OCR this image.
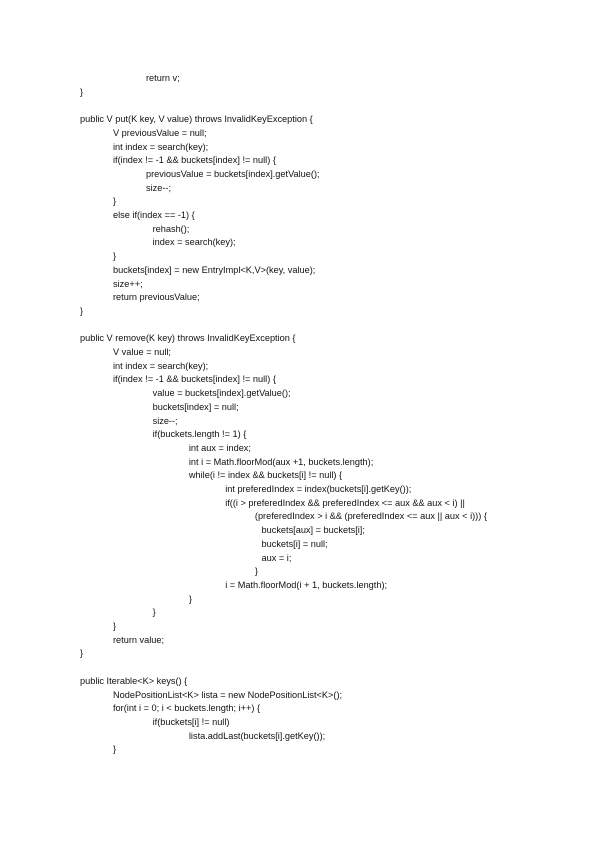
return v;
}
public V put(K key, V value) throws InvalidKeyException {
V previousValue = null;
int index = search(key);
if(index != -1 && buckets[index] != null) {
previousValue = buckets[index].getValue();
size--;
}
else if(index == -1) {
rehash();
index = search(key);
}
buckets[index] = new EntryImpl<K,V>(key, value);
size++;
return previousValue;
}
public V remove(K key) throws InvalidKeyException {
V value = null;
int index = search(key);
if(index != -1 && buckets[index] != null) {
value = buckets[index].getValue();
buckets[index] = null;
size--;
if(buckets.length != 1) {
int aux = index;
int i = Math.floorMod(aux +1, buckets.length);
while(i != index && buckets[i] != null) {
int preferedIndex = index(buckets[i].getKey());
if((i > preferedIndex && preferedIndex <= aux && aux < i) ||
(preferedIndex > i && (preferedIndex <= aux || aux < i))) {
buckets[aux] = buckets[i];
buckets[i] = null;
aux = i;
}
i = Math.floorMod(i + 1, buckets.length);
}
}
}
return value;
}
public Iterable<K> keys() {
NodePositionList<K> lista = new NodePositionList<K>();
for(int i = 0; i < buckets.length; i++) {
if(buckets[i] != null)
lista.addLast(buckets[i].getKey());
}
